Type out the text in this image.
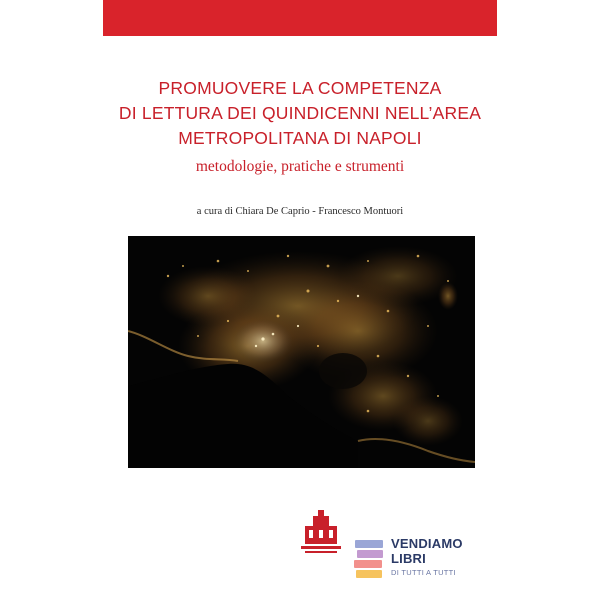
PROMUOVERE LA COMPETENZA
DI LETTURA DEI QUINDICENNI NELL’AREA
METROPOLITANA DI NAPOLI
metodologie, pratiche e strumenti
a cura di Chiara De Caprio - Francesco Montuori
VENDIAMO
LIBRI
DI TUTTI A TUTTI
